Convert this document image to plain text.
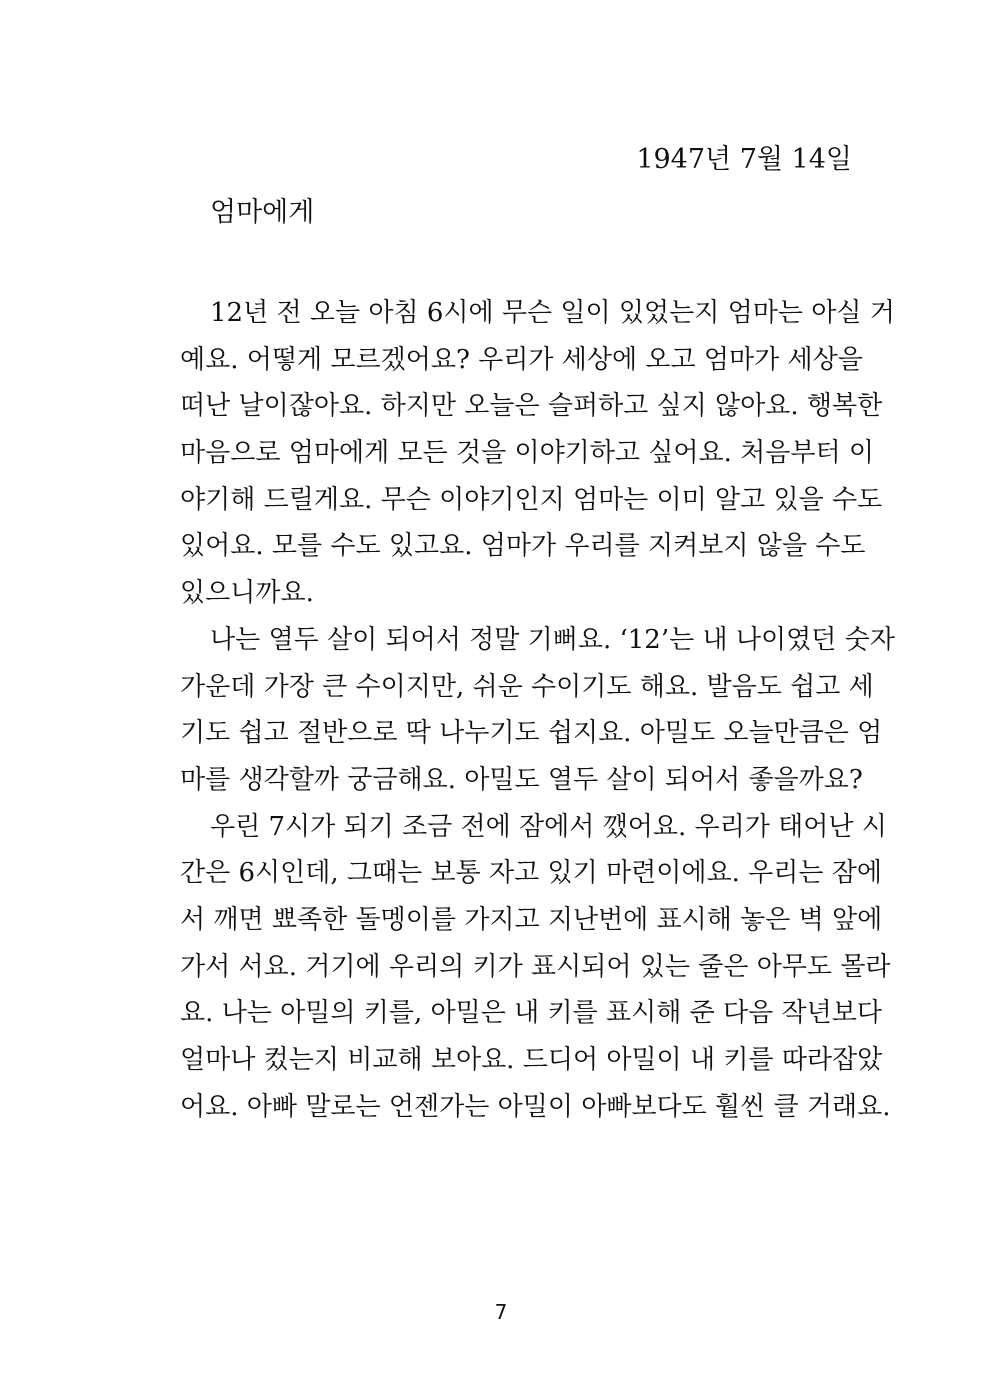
1947년 7월 14일
엄마에게
12년 전 오늘 아침 6시에 무슨 일이 있었는지 엄마는 아실 거
예요. 어떻게 모르겠어요? 우리가 세상에 오고 엄마가 세상을
떠난 날이잖아요. 하지만 오늘은 슬퍼하고 싶지 않아요. 행복한
마음으로 엄마에게 모든 것을 이야기하고 싶어요. 처음부터 이
야기해 드릴게요. 무슨 이야기인지 엄마는 이미 알고 있을 수도
있어요. 모를 수도 있고요. 엄마가 우리를 지켜보지 않을 수도
있으니까요.
나는 열두 살이 되어서 정말 기뻐요. ‘12’는 내 나이였던 숫자
가운데 가장 큰 수이지만, 쉬운 수이기도 해요. 발음도 쉽고 세
기도 쉽고 절반으로 딱 나누기도 쉽지요. 아밀도 오늘만큼은 엄
마를 생각할까 궁금해요. 아밀도 열두 살이 되어서 좋을까요?
우린 7시가 되기 조금 전에 잠에서 깼어요. 우리가 태어난 시
간은 6시인데, 그때는 보통 자고 있기 마련이에요. 우리는 잠에
서 깨면 뾰족한 돌멩이를 가지고 지난번에 표시해 놓은 벽 앞에
가서 서요. 거기에 우리의 키가 표시되어 있는 줄은 아무도 몰라
요. 나는 아밀의 키를, 아밀은 내 키를 표시해 준 다음 작년보다
얼마나 컸는지 비교해 보아요. 드디어 아밀이 내 키를 따라잡았
어요. 아빠 말로는 언젠가는 아밀이 아빠보다도 훨씬 클 거래요.
7
